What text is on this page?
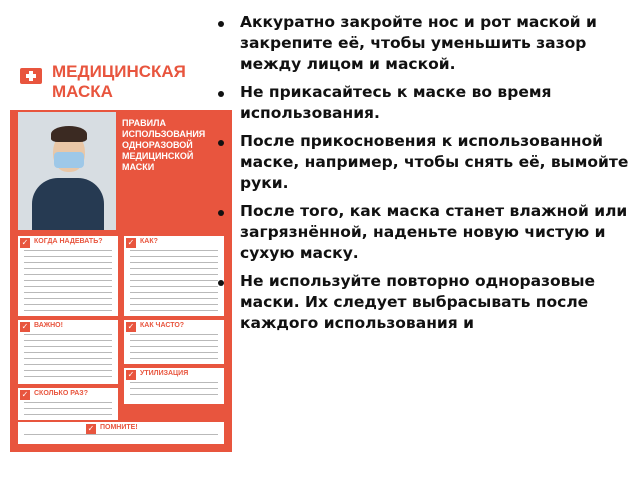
МЕДИЦИНСКАЯ МАСКА
ПРАВИЛА ИСПОЛЬЗОВАНИЯ ОДНОРАЗОВОЙ МЕДИЦИНСКОЙ МАСКИ
✓ КОГДА НАДЕВАТЬ?	✓ КАК?
✓ ВАЖНО!	✓ КАК ЧАСТО?
✓ УТИЛИЗАЦИЯ
✓ СКОЛЬКО РАЗ?
✓ ПОМНИТЕ!
Аккуратно закройте нос и рот маской и закрепите её, чтобы уменьшить зазор между лицом и маской.
Не прикасайтесь к маске во время использования.
После прикосновения к использованной маске, например, чтобы снять её, вымойте руки.
После того, как маска станет влажной или загрязнённой, наденьте новую чистую и сухую маску.
Не используйте повторно одноразовые маски. Их следует выбрасывать после каждого использования и
